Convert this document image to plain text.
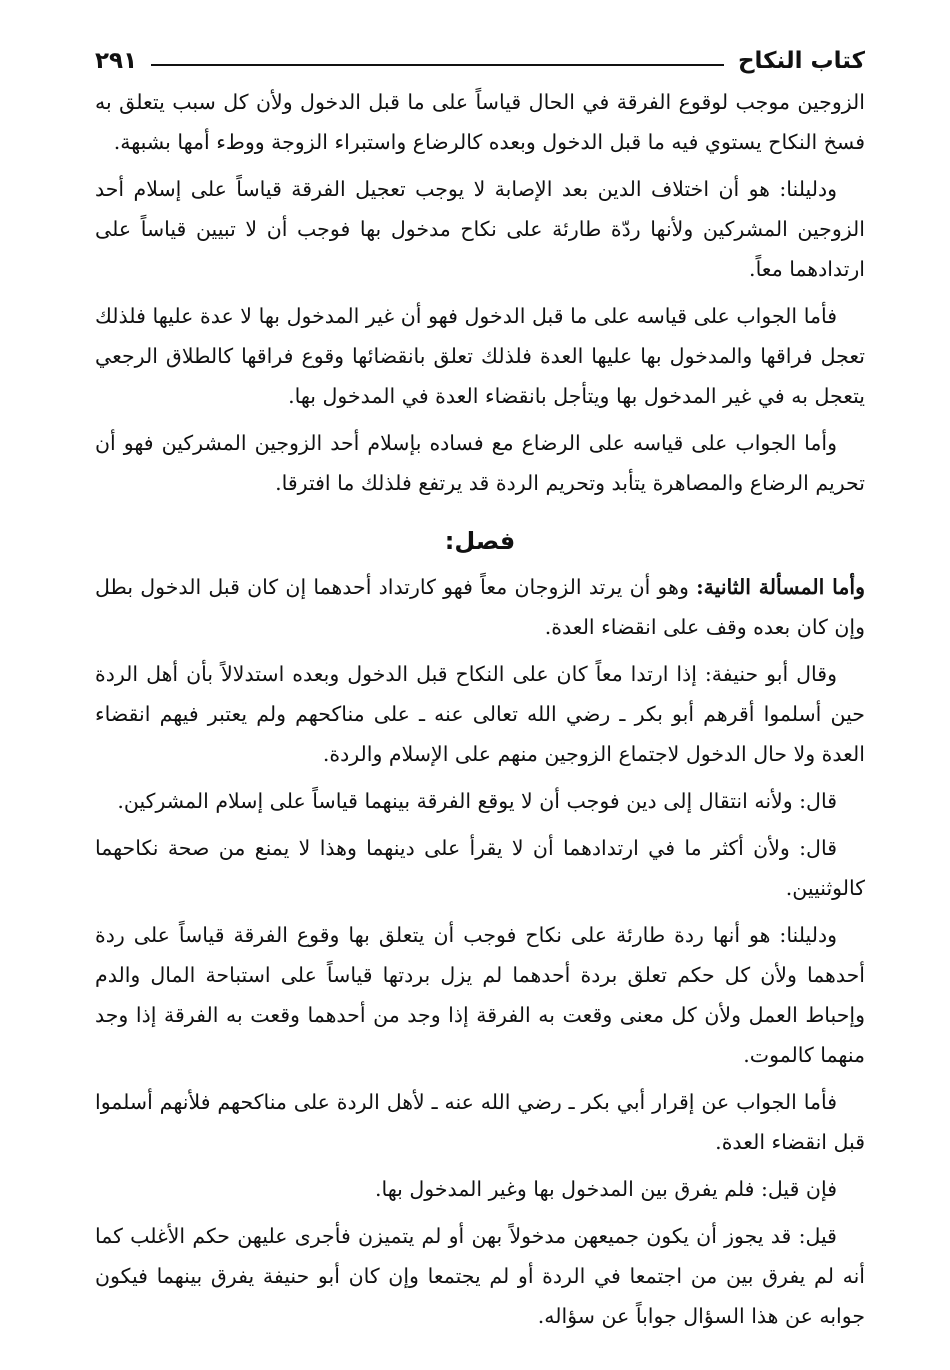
كتاب النكاح
٢٩١

الزوجين موجب لوقوع الفرقة في الحال قياساً على ما قبل الدخول ولأن كل سبب يتعلق به فسخ النكاح يستوي فيه ما قبل الدخول وبعده كالرضاع واستبراء الزوجة ووطء أمها بشبهة.

ودليلنا: هو أن اختلاف الدين بعد الإصابة لا يوجب تعجيل الفرقة قياساً على إسلام أحد الزوجين المشركين ولأنها ردّة طارئة على نكاح مدخول بها فوجب أن لا تبيين قياساً على ارتدادهما معاً.

فأما الجواب على قياسه على ما قبل الدخول فهو أن غير المدخول بها لا عدة عليها فلذلك تعجل فراقها والمدخول بها عليها العدة فلذلك تعلق بانقضائها وقوع فراقها كالطلاق الرجعي يتعجل به في غير المدخول بها ويتأجل بانقضاء العدة في المدخول بها.

وأما الجواب على قياسه على الرضاع مع فساده بإسلام أحد الزوجين المشركين فهو أن تحريم الرضاع والمصاهرة يتأبد وتحريم الردة قد يرتفع فلذلك ما افترقا.

فصل:

وأما المسألة الثانية: وهو أن يرتد الزوجان معاً فهو كارتداد أحدهما إن كان قبل الدخول بطل وإن كان بعده وقف على انقضاء العدة.

وقال أبو حنيفة: إذا ارتدا معاً كان على النكاح قبل الدخول وبعده استدلالاً بأن أهل الردة حين أسلموا أقرهم أبو بكر ـ رضي الله تعالى عنه ـ على مناكحهم ولم يعتبر فيهم انقضاء العدة ولا حال الدخول لاجتماع الزوجين منهم على الإسلام والردة.

قال: ولأنه انتقال إلى دين فوجب أن لا يوقع الفرقة بينهما قياساً على إسلام المشركين.

قال: ولأن أكثر ما في ارتدادهما أن لا يقرأ على دينهما وهذا لا يمنع من صحة نكاحهما كالوثنيين.

ودليلنا: هو أنها ردة طارئة على نكاح فوجب أن يتعلق بها وقوع الفرقة قياساً على ردة أحدهما ولأن كل حكم تعلق بردة أحدهما لم يزل بردتها قياساً على استباحة المال والدم وإحباط العمل ولأن كل معنى وقعت به الفرقة إذا وجد من أحدهما وقعت به الفرقة إذا وجد منهما كالموت.

فأما الجواب عن إقرار أبي بكر ـ رضي الله عنه ـ لأهل الردة على مناكحهم فلأنهم أسلموا قبل انقضاء العدة.

فإن قيل: فلم يفرق بين المدخول بها وغير المدخول بها.

قيل: قد يجوز أن يكون جميعهن مدخولاً بهن أو لم يتميزن فأجرى عليهن حكم الأغلب كما أنه لم يفرق بين من اجتمعا في الردة أو لم يجتمعا وإن كان أبو حنيفة يفرق بينهما فيكون جوابه عن هذا السؤال جواباً عن سؤاله.
